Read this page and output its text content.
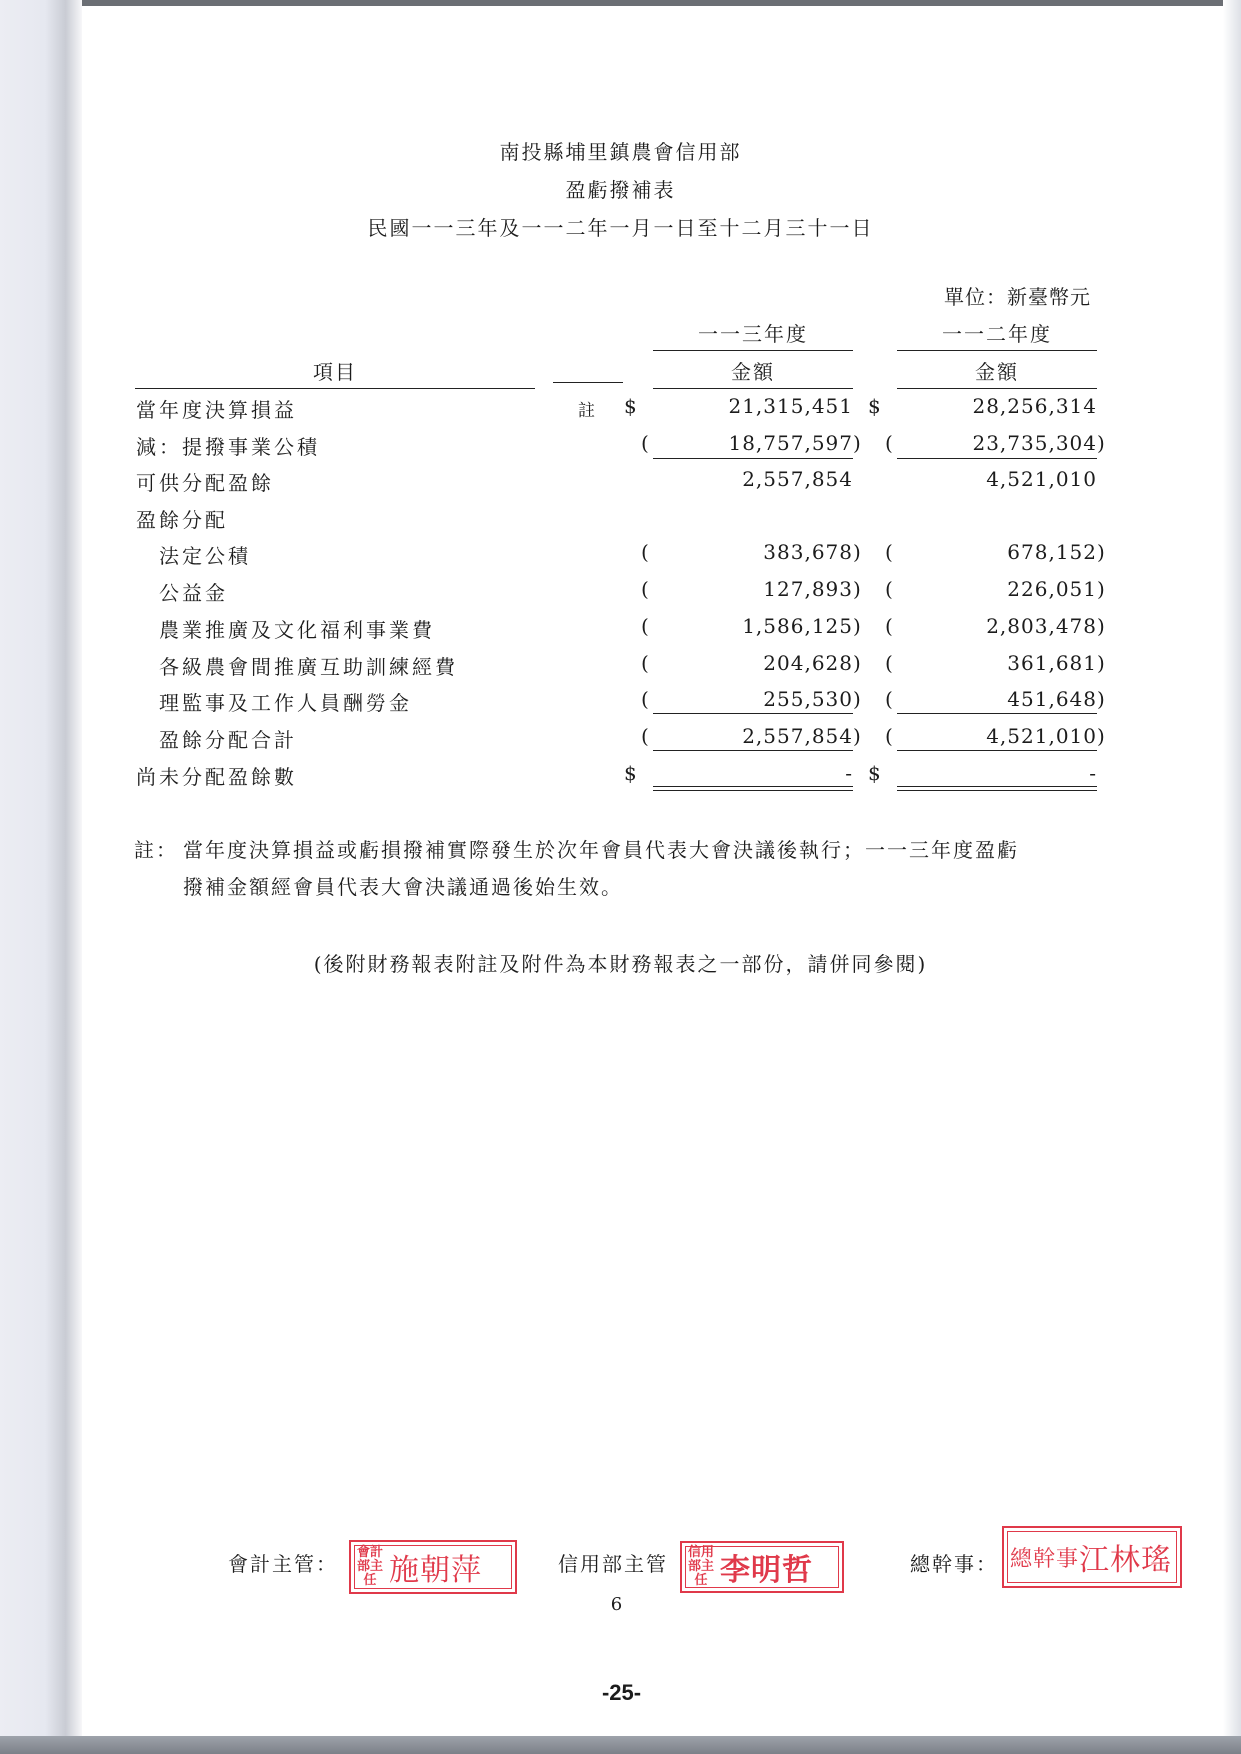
南投縣埔里鎮農會信用部
盈虧撥補表
民國一一三年及一一二年一月一日至十二月三十一日
單位：新臺幣元
一一三年度	一一二年度
項目	金額	金額
當年度決算損益	註 $	21,315,451 $	28,256,314
減：提撥事業公積	(	18,757,597 ) (	23,735,304 )
可供分配盈餘	2,557,854	4,521,010
盈餘分配
法定公積	(	383,678 ) (	678,152 )
公益金	(	127,893 ) (	226,051 )
農業推廣及文化福利事業費	(	1,586,125 ) (	2,803,478 )
各級農會間推廣互助訓練經費	(	204,628 ) (	361,681 )
理監事及工作人員酬勞金	(	255,530 ) (	451,648 )
盈餘分配合計	(	2,557,854 ) (	4,521,010 )
尚未分配盈餘數	$	- $	-
註： 當年度決算損益或虧損撥補實際發生於次年會員代表大會決議後執行；一一三年度盈虧
撥補金額經會員代表大會決議通過後始生效。
(後附財務報表附註及附件為本財務報表之一部份，請併同參閱)
會計主管：	會計部主任 施朝萍	信用部主管	信用部主任 李明哲	總幹事： 總幹事 江林瑤
6
-25-
